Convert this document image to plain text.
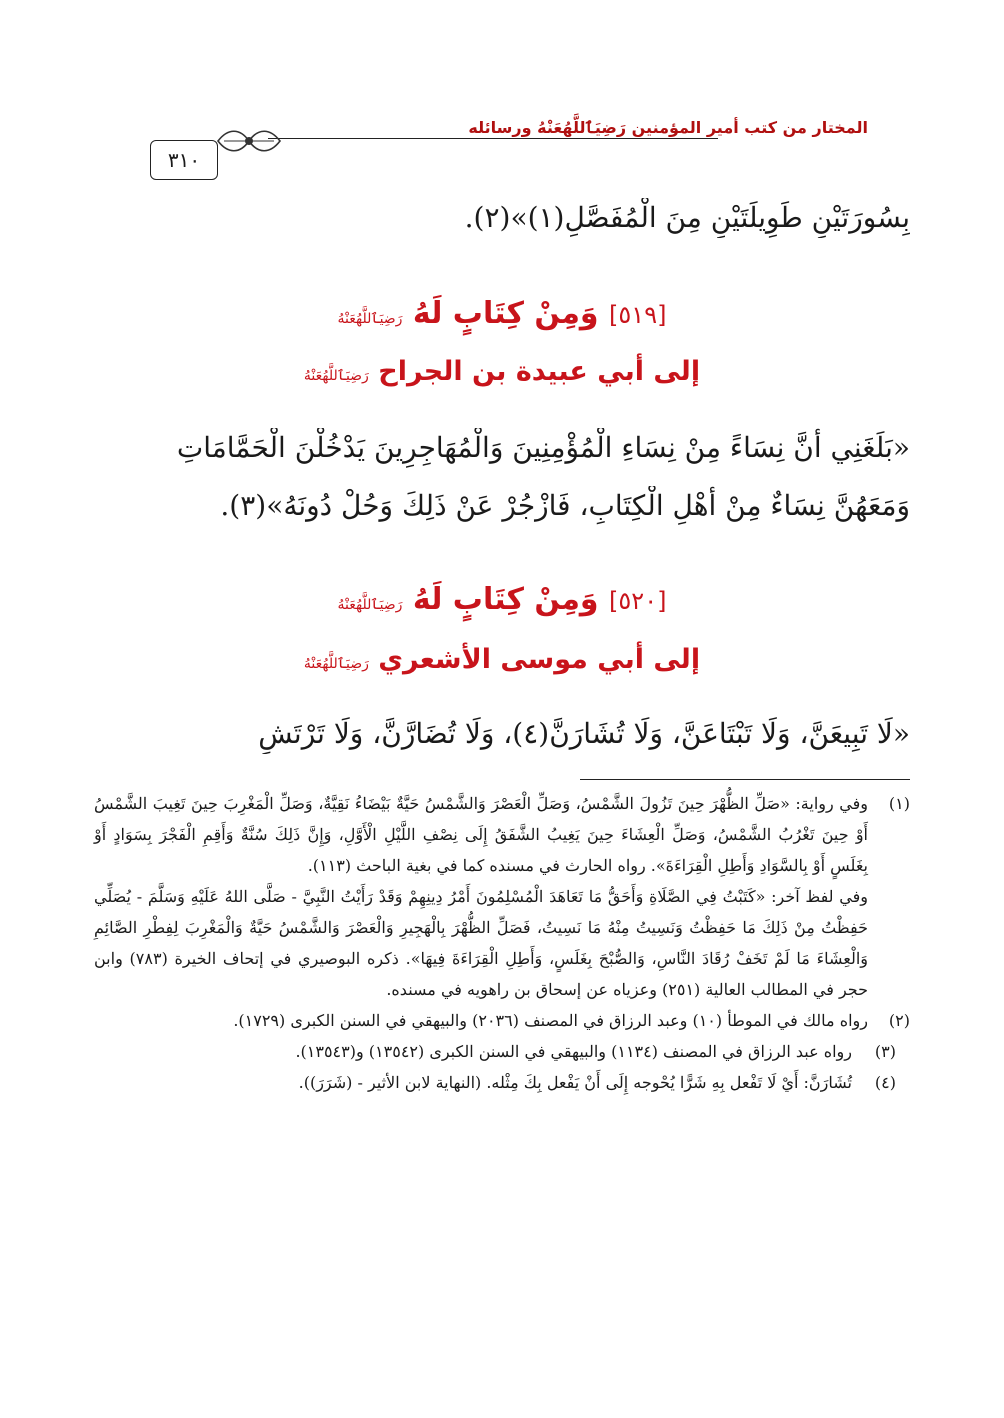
المختار من كتب أمير المؤمنين رَضِيَٱللَّهُعَنْهُ ورسائله
٣١٠
بِسُورَتَيْنِ طَوِيلَتَيْنِ مِنَ الْمُفَصَّلِ(١)»(٢).
[٥١٩] وَمِنْ كِتَابٍ لَهُ رَضِيَٱللَّهُعَنْهُ
إلى أبي عبيدة بن الجراح رَضِيَٱللَّهُعَنْهُ
«بَلَغَنِي أَنَّ نِسَاءً مِنْ نِسَاءِ الْمُؤْمِنِينَ وَالْمُهَاجِرِينَ يَدْخُلْنَ الْحَمَّامَاتِ
وَمَعَهُنَّ نِسَاءٌ مِنْ أَهْلِ الْكِتَابِ، فَازْجُرْ عَنْ ذَلِكَ وَحُلْ دُونَهُ»(٣).
[٥٢٠] وَمِنْ كِتَابٍ لَهُ رَضِيَٱللَّهُعَنْهُ
إلى أبي موسى الأشعري رَضِيَٱللَّهُعَنْهُ
«لَا تَبِيعَنَّ، وَلَا تَبْتَاعَنَّ، وَلَا تُشَارَنَّ(٤)، وَلَا تُضَارَّنَّ، وَلَا تَرْتَشِ
(١)
وفي رواية: «صَلِّ الظُّهْرَ حِينَ تَزُولَ الشَّمْسُ، وَصَلِّ الْعَصْرَ وَالشَّمْسُ حَيَّةٌ بَيْضَاءُ نَقِيَّةٌ، وَصَلِّ الْمَغْرِبَ حِينَ تَغِيبَ الشَّمْسُ أَوْ حِينَ تَغْرُبُ الشَّمْسُ، وَصَلِّ الْعِشَاءَ حِينَ يَغِيبُ الشَّفَقُ إِلَى نِصْفِ اللَّيْلِ الْأَوَّلِ، وَإِنَّ ذَلِكَ سُنَّةٌ وَأَقِمِ الْفَجْرَ بِسَوَادٍ أَوْ بِغَلَسٍ أَوْ بِالسَّوَادِ وَأَطِلِ الْقِرَاءَةَ». رواه الحارث في مسنده كما في بغية الباحث (١١٣).
وفي لفظ آخر: «كَتَبْتُ فِي الصَّلَاةِ وَأَحَقُّ مَا تَعَاهَدَ الْمُسْلِمُونَ أَمْرُ دِينِهِمْ وَقَدْ رَأَيْتُ النَّبِيَّ - صَلَّى اللهُ عَلَيْهِ وَسَلَّمَ - يُصَلِّي حَفِظْتُ مِنْ ذَلِكَ مَا حَفِظْتُ وَنَسِيتُ مِنْهُ مَا نَسِيتُ، فَصَلِّ الظُّهْرَ بِالْهَجِيرِ وَالْعَصْرَ وَالشَّمْسُ حَيَّةٌ وَالْمَغْرِبَ لِفِطْرِ الصَّائِمِ وَالْعِشَاءَ مَا لَمْ تَخَفْ رُقَادَ النَّاسِ، وَالصُّبْحَ بِغَلَسٍ، وَأَطِلِ الْقِرَاءَةَ فِيهَا». ذكره البوصيري في إتحاف الخيرة (٧٨٣) وابن حجر في المطالب العالية (٢٥١) وعزياه عن إسحاق بن راهويه في مسنده.
(٢)
رواه مالك في الموطأ (١٠) وعبد الرزاق في المصنف (٢٠٣٦) والبيهقي في السنن الكبرى (١٧٢٩).
(٣)
رواه عبد الرزاق في المصنف (١١٣٤) والبيهقي في السنن الكبرى (١٣٥٤٢) و(١٣٥٤٣).
(٤)
تُشَارَنَّ: أَيْ لَا تَفْعل بِهِ شَرًّا يُحْوجه إِلَى أَنْ يَفْعل بِكَ مِثْله. (النهاية لابن الأثير - (شَرَرَ)).
